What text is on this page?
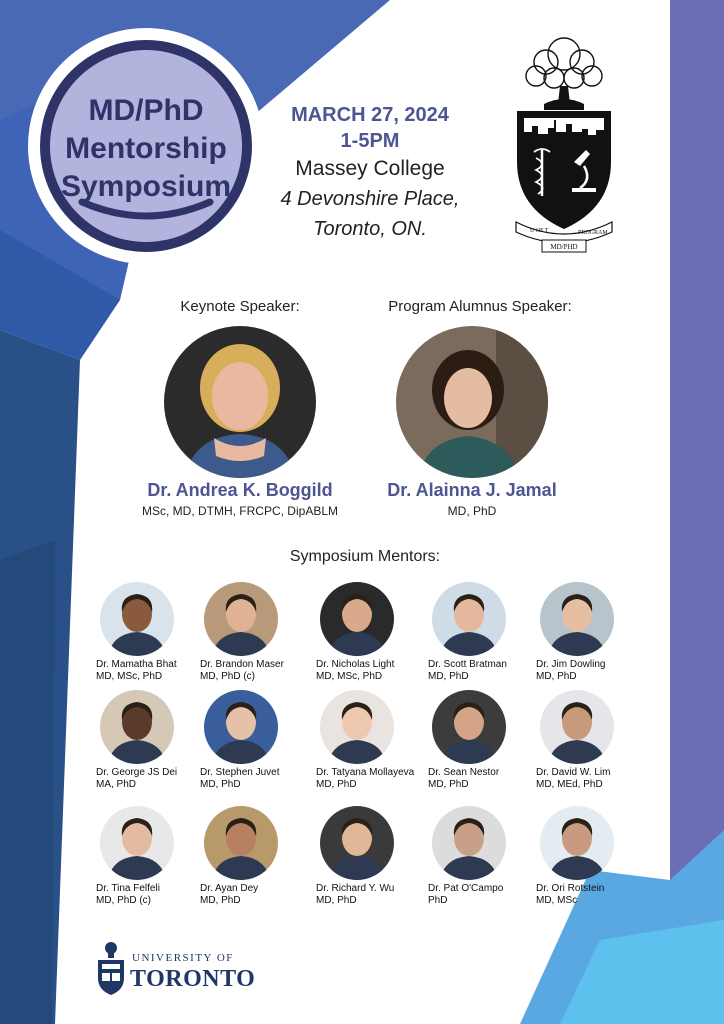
MD/PhD
Mentorship
Symposium
MARCH 27, 2024
1-5PM
Massey College
4 Devonshire Place,
Toronto, ON.	U OF T	PROGRAM
MD/PHD
Keynote Speaker:
Dr. Andrea K. Boggild
MSc, MD, DTMH, FRCPC, DipABLM
Program Alumnus Speaker:
Dr. Alainna J. Jamal
MD, PhD
Symposium Mentors:
Dr. Mamatha Bhat
MD, MSc, PhD
Dr. Brandon Maser
MD, PhD (c)
Dr. Nicholas Light
MD, MSc, PhD
Dr. Scott Bratman
MD, PhD
Dr. Jim Dowling
MD, PhD
Dr. George JS Dei
MA, PhD
Dr. Stephen Juvet
MD, PhD
Dr. Tatyana Mollayeva
MD, PhD
Dr. Sean Nestor
MD, PhD
Dr. David W. Lim
MD, MEd, PhD
Dr. Tina Felfeli
MD, PhD (c)
Dr. Ayan Dey
MD, PhD
Dr. Richard Y. Wu
MD, PhD
Dr. Pat O'Campo
PhD
Dr. Ori Rotstein
MD, MSc
UNIVERSITY OF
TORONTO
